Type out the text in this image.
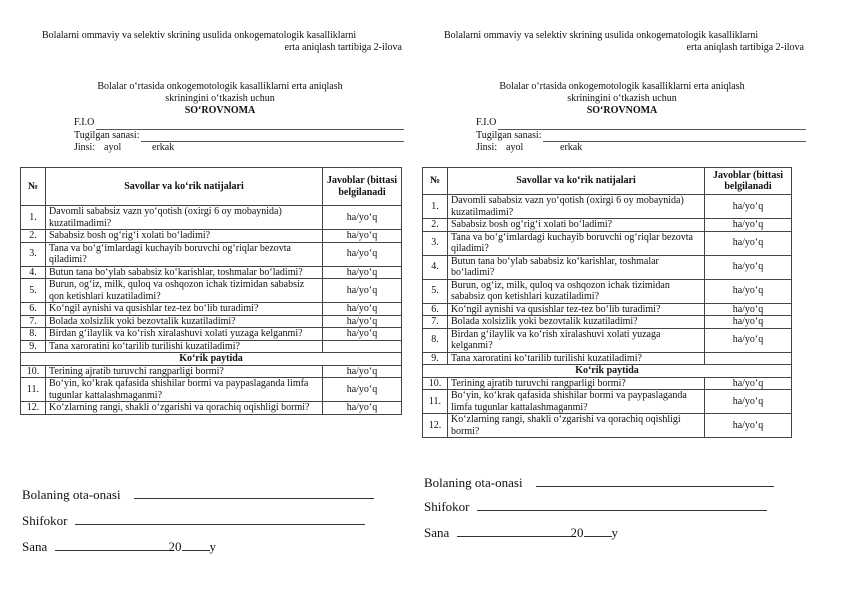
Bolalarni ommaviy va selektiv skrining usulida onkogematologik kasalliklarni
erta aniqlash tartibiga 2-ilova
Bolalar o‘rtasida onkogemotologik kasalliklarni erta aniqlash
skriningini o‘tkazish uchun
SO‘ROVNOMA
F.I.O
Tugilgan sanasi:
Jinsi: ayol	erkak
№	Savollar va ko‘rik natijalari	Javoblar (bittasi belgilanadi
1.	Davomli sababsiz vazn yo‘qotish (oxirgi 6 oy mobaynida) kuzatilmadimi?	ha/yo‘q
2.	Sababsiz bosh og‘rig‘i xolati bo‘ladimi?	ha/yo‘q
3.	Tana va bo‘g‘imlardagi kuchayib boruvchi og‘riqlar bezovta qiladimi?	ha/yo‘q
4.	Butun tana bo‘ylab sababsiz ko‘karishlar, toshmalar bo‘ladimi?	ha/yo‘q
5.	Burun, og‘iz, milk, quloq va oshqozon ichak tizimidan sababsiz qon ketishlari kuzatiladimi?	ha/yo‘q
6.	Ko‘ngil aynishi va qusishlar tez-tez bo‘lib turadimi?	ha/yo‘q
7.	Bolada xolsizlik yoki bezovtalik kuzatiladimi?	ha/yo‘q
8.	Birdan g‘ilaylik va ko‘rish xiralashuvi xolati yuzaga kelganmi?	ha/yo‘q
9.	Tana xaroratini ko‘tarilib turilishi kuzatiladimi?	
Ko‘rik paytida		
10.	Terining ajratib turuvchi rangparligi bormi?	ha/yo‘q
11.	Bo‘yin, ko‘krak qafasida shishilar bormi va paypaslaganda limfa tugunlar kattalashmaganmi?	ha/yo‘q
12.	Ko‘zlarning rangi, shakli o‘zgarishi va qorachiq oqishligi bormi?	ha/yo‘q
Bolaning ota-onasi
Shifokor
Sana	20 y
Bolalarni ommaviy va selektiv skrining usulida onkogematologik kasalliklarni
erta aniqlash tartibiga 2-ilova
Bolalar o‘rtasida onkogemotologik kasalliklarni erta aniqlash
skriningini o‘tkazish uchun
SO‘ROVNOMA
F.I.O
Tugilgan sanasi:
Jinsi: ayol	erkak
№	Savollar va ko‘rik natijalari	Javoblar (bittasi belgilanadi
1.	Davomli sababsiz vazn yo‘qotish (oxirgi 6 oy mobaynida) kuzatilmadimi?	ha/yo‘q
2.	Sababsiz bosh og‘rig‘i xolati bo‘ladimi?	ha/yo‘q
3.	Tana va bo‘g‘imlardagi kuchayib boruvchi og‘riqlar bezovta qiladimi?	ha/yo‘q
4.	Butun tana bo‘ylab sababsiz ko‘karishlar, toshmalar bo‘ladimi?	ha/yo‘q
5.	Burun, og‘iz, milk, quloq va oshqozon ichak tizimidan sababsiz qon ketishlari kuzatiladimi?	ha/yo‘q
6.	Ko‘ngil aynishi va qusishlar tez-tez bo‘lib turadimi?	ha/yo‘q
7.	Bolada xolsizlik yoki bezovtalik kuzatiladimi?	ha/yo‘q
8.	Birdan g‘ilaylik va ko‘rish xiralashuvi xolati yuzaga kelganmi?	ha/yo‘q
9.	Tana xaroratini ko‘tarilib turilishi kuzatiladimi?	
Ko‘rik paytida		
10.	Terining ajratib turuvchi rangparligi bormi?	ha/yo‘q
11.	Bo‘yin, ko‘krak qafasida shishilar bormi va paypaslaganda limfa tugunlar kattalashmaganmi?	ha/yo‘q
12.	Ko‘zlarning rangi, shakli o‘zgarishi va qorachiq oqishligi bormi?	ha/yo‘q
Bolaning ota-onasi
Shifokor
Sana	20 y
